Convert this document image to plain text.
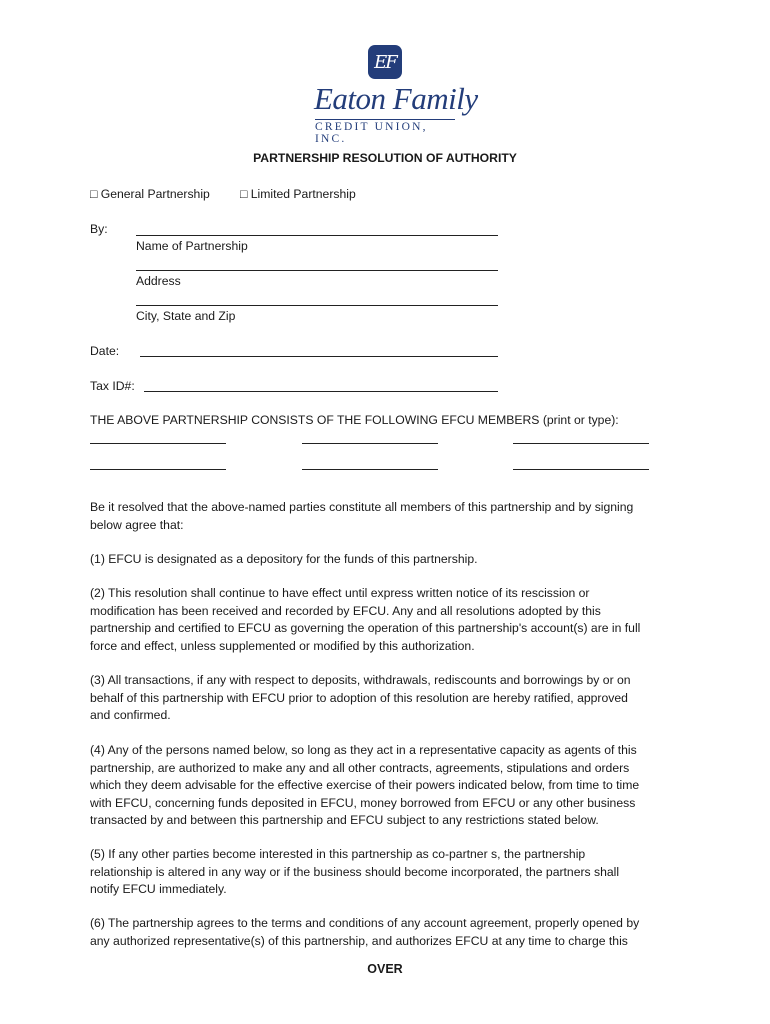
EF
Eaton Family
CREDIT UNION, INC.
PARTNERSHIP RESOLUTION OF AUTHORITY
□ General Partnership □ Limited Partnership
By:
Name of Partnership
Address
City, State and Zip
Date:
Tax ID#:
THE ABOVE PARTNERSHIP CONSISTS OF THE FOLLOWING EFCU MEMBERS (print or type):

Be it resolved that the above-named parties constitute all members of this partnership and by signing

below agree that:

(1) EFCU is designated as a depository for the funds of this partnership.

(2) This resolution shall continue to have effect until express written notice of its rescission or

modification has been received and recorded by EFCU. Any and all resolutions adopted by this

partnership and certified to EFCU as governing the operation of this partnership's account(s) are in full

force and effect, unless supplemented or modified by this authorization.

(3) All transactions, if any with respect to deposits, withdrawals, rediscounts and borrowings by or on

behalf of this partnership with EFCU prior to adoption of this resolution are hereby ratified, approved

and confirmed.

(4) Any of the persons named below, so long as they act in a representative capacity as agents of this

partnership, are authorized to make any and all other contracts, agreements, stipulations and orders

which they deem advisable for the effective exercise of their powers indicated below, from time to time

with EFCU, concerning funds deposited in EFCU, money borrowed from EFCU or any other business

transacted by and between this partnership and EFCU subject to any restrictions stated below.

(5) If any other parties become interested in this partnership as co-partner s, the partnership

relationship is altered in any way or if the business should become incorporated, the partners shall

notify EFCU immediately.

(6) The partnership agrees to the terms and conditions of any account agreement, properly opened by

any authorized representative(s) of this partnership, and authorizes EFCU at any time to charge this

OVER
